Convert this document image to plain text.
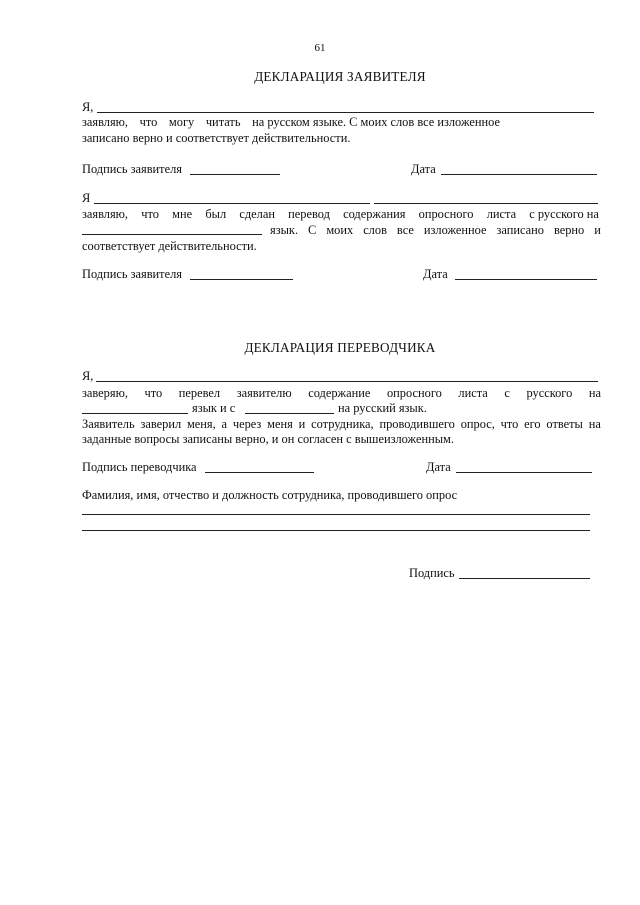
61
ДЕКЛАРАЦИЯ ЗАЯВИТЕЛЯ
Я,
заявляю, что могу читать на русском языке. С моих слов все изложенное
записано верно и соответствует действительности.
Подпись заявителя	Дата
Я
заявляю, что мне был сделан перевод содержания опросного листа с русского на
язык. С моих слов все изложенное записано верно и
соответствует действительности.
Подпись заявителя	Дата
ДЕКЛАРАЦИЯ ПЕРЕВОДЧИКА
Я,
заверяю, что перевел заявителю содержание опросного листа с русского на
язык и с	на русский язык.
Заявитель заверил меня, а через меня и сотрудника, проводившего опрос, что его ответы на
заданные вопросы записаны верно, и он согласен с вышеизложенным.
Подпись переводчика	Дата
Фамилия, имя, отчество и должность сотрудника, проводившего опрос
Подпись
